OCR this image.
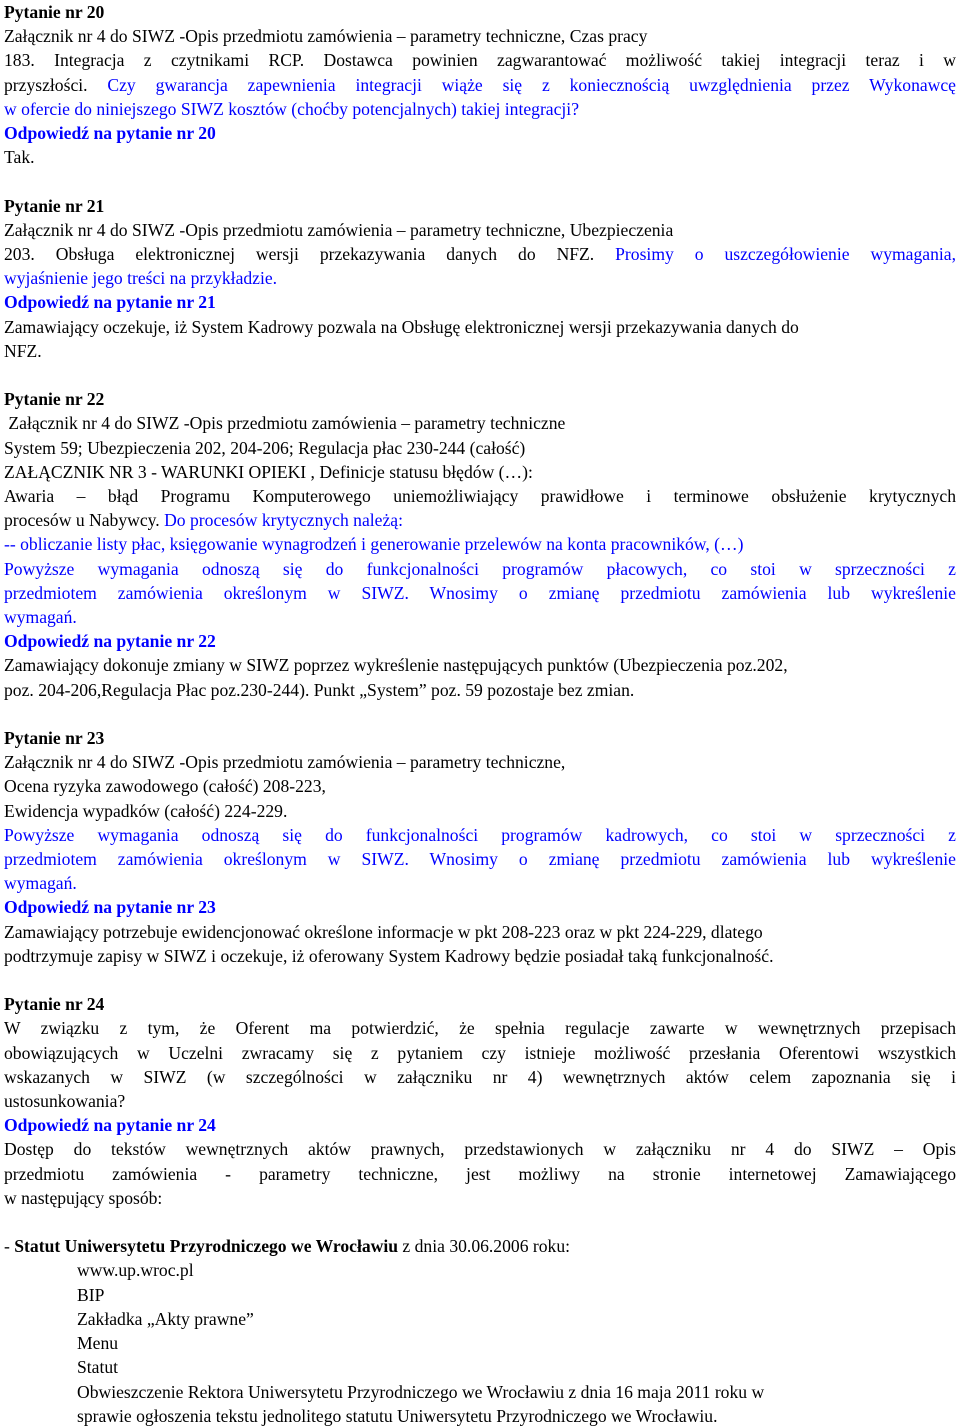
Pytanie nr 20
Załącznik nr 4 do SIWZ -Opis przedmiotu zamówienia – parametry techniczne, Czas pracy
183. Integracja z czytnikami RCP. Dostawca powinien zagwarantować możliwość takiej integracji teraz i w
przyszłości. Czy gwarancja zapewnienia integracji wiąże się z koniecznością uwzględnienia przez Wykonawcę
w ofercie do niniejszego SIWZ kosztów (choćby potencjalnych) takiej integracji?
Odpowiedź na pytanie nr 20
Tak.
Pytanie nr 21
Załącznik nr 4 do SIWZ -Opis przedmiotu zamówienia – parametry techniczne, Ubezpieczenia
203. Obsługa elektronicznej wersji przekazywania danych do NFZ. Prosimy o uszczegółowienie wymagania,
wyjaśnienie jego treści na przykładzie.
Odpowiedź na pytanie nr 21
Zamawiający oczekuje, iż System Kadrowy pozwala na Obsługę elektronicznej wersji przekazywania danych do
NFZ.
Pytanie nr 22
Załącznik nr 4 do SIWZ -Opis przedmiotu zamówienia – parametry techniczne
System 59; Ubezpieczenia 202, 204-206; Regulacja płac 230-244 (całość)
ZAŁĄCZNIK NR 3 - WARUNKI OPIEKI , Definicje statusu błędów (…):
Awaria – błąd Programu Komputerowego uniemożliwiający prawidłowe i terminowe obsłużenie krytycznych
procesów u Nabywcy. Do procesów krytycznych należą:
-- obliczanie listy płac, księgowanie wynagrodzeń i generowanie przelewów na konta pracowników, (…)
Powyższe wymagania odnoszą się do funkcjonalności programów płacowych, co stoi w sprzeczności z
przedmiotem zamówienia określonym w SIWZ. Wnosimy o zmianę przedmiotu zamówienia lub wykreślenie
wymagań.
Odpowiedź na pytanie nr 22
Zamawiający dokonuje zmiany w SIWZ poprzez wykreślenie następujących punktów (Ubezpieczenia poz.202,
poz. 204-206,Regulacja Płac poz.230-244). Punkt „System” poz. 59 pozostaje bez zmian.
Pytanie nr 23
Załącznik nr 4 do SIWZ -Opis przedmiotu zamówienia – parametry techniczne,
Ocena ryzyka zawodowego (całość) 208-223,
Ewidencja wypadków (całość) 224-229.
Powyższe wymagania odnoszą się do funkcjonalności programów kadrowych, co stoi w sprzeczności z
przedmiotem zamówienia określonym w SIWZ. Wnosimy o zmianę przedmiotu zamówienia lub wykreślenie
wymagań.
Odpowiedź na pytanie nr 23
Zamawiający potrzebuje ewidencjonować określone informacje w pkt 208-223 oraz w pkt 224-229, dlatego
podtrzymuje zapisy w SIWZ i oczekuje, iż oferowany System Kadrowy będzie posiadał taką funkcjonalność.
Pytanie nr 24
W związku z tym, że Oferent ma potwierdzić, że spełnia regulacje zawarte w wewnętrznych przepisach
obowiązujących w Uczelni zwracamy się z pytaniem czy istnieje możliwość przesłania Oferentowi wszystkich
wskazanych w SIWZ (w szczególności w załączniku nr 4) wewnętrznych aktów celem zapoznania się i
ustosunkowania?
Odpowiedź na pytanie nr 24
Dostęp do tekstów wewnętrznych aktów prawnych, przedstawionych w załączniku nr 4 do SIWZ – Opis
przedmiotu zamówienia - parametry techniczne, jest możliwy na stronie internetowej Zamawiającego
w następujący sposób:
- Statut Uniwersytetu Przyrodniczego we Wrocławiu z dnia 30.06.2006 roku:
www.up.wroc.pl
BIP
Zakładka „Akty prawne”
Menu
Statut
Obwieszczenie Rektora Uniwersytetu Przyrodniczego we Wrocławiu z dnia 16 maja 2011 roku w
sprawie ogłoszenia tekstu jednolitego statutu Uniwersytetu Przyrodniczego we Wrocławiu.
